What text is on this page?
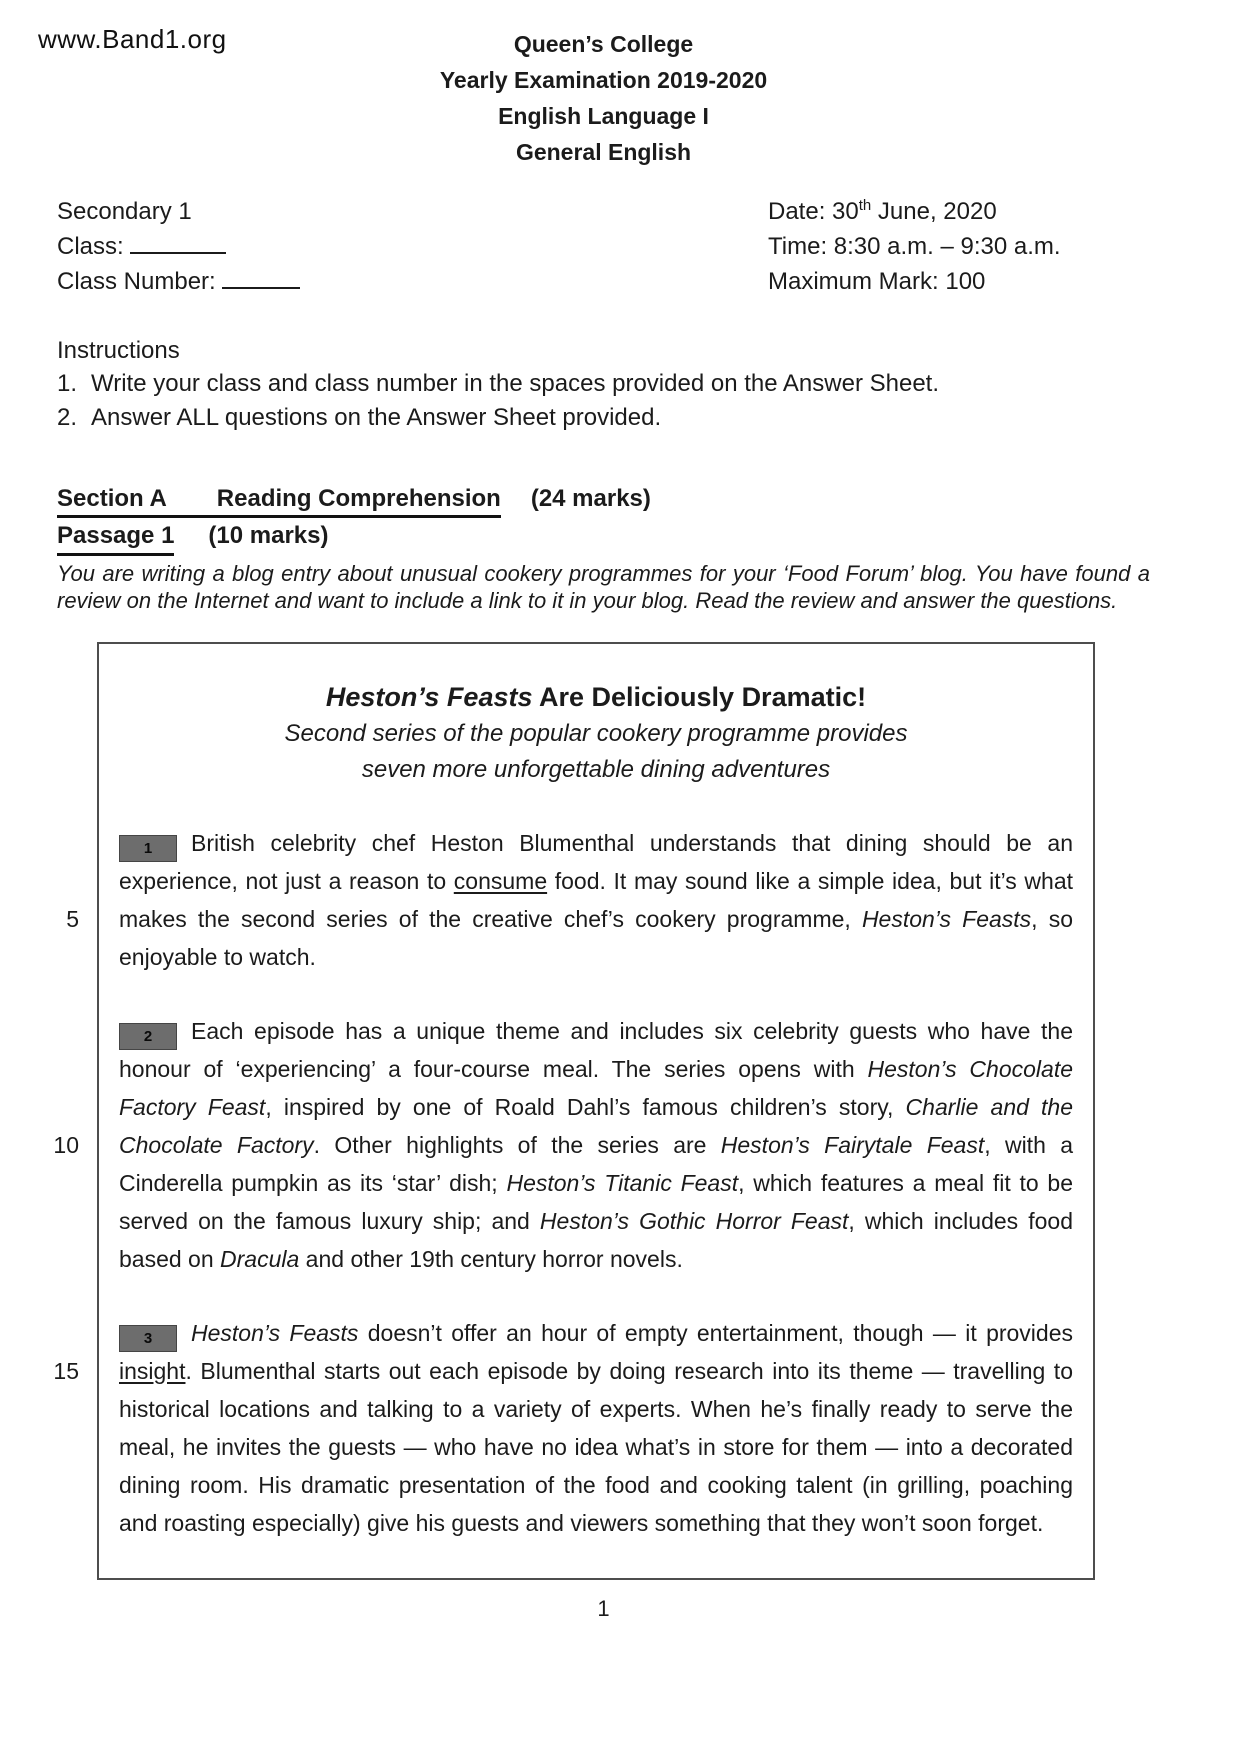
www.Band1.org	Queen’s College
Yearly Examination 2019-2020
English Language I
General English
Secondary 1
Class:
Class Number:
Date: 30th June, 2020
Time: 8:30 a.m. – 9:30 a.m.
Maximum Mark: 100
Instructions
1. Write your class and class number in the spaces provided on the Answer Sheet.
2. Answer ALL questions on the Answer Sheet provided.
Section A Reading Comprehension (24 marks)
Passage 1 (10 marks)
You are writing a blog entry about unusual cookery programmes for your ‘Food Forum’ blog. You have found a review on the Internet and want to include a link to it in your blog. Read the review and answer the questions.
Heston’s Feasts Are Deliciously Dramatic!
Second series of the popular cookery programme provides
seven more unforgettable dining adventures
5
1 British celebrity chef Heston Blumenthal understands that dining should be an experience, not just a reason to consume food. It may sound like a simple idea, but it’s what makes the second series of the creative chef’s cookery programme, Heston’s Feasts, so enjoyable to watch.
10
2 Each episode has a unique theme and includes six celebrity guests who have the honour of ‘experiencing’ a four-course meal. The series opens with Heston’s Chocolate Factory Feast, inspired by one of Roald Dahl’s famous children’s story, Charlie and the Chocolate Factory. Other highlights of the series are Heston’s Fairytale Feast, with a Cinderella pumpkin as its ‘star’ dish; Heston’s Titanic Feast, which features a meal fit to be served on the famous luxury ship; and Heston’s Gothic Horror Feast, which includes food based on Dracula and other 19th century horror novels.
15
3 Heston’s Feasts doesn’t offer an hour of empty entertainment, though — it provides insight. Blumenthal starts out each episode by doing research into its theme — travelling to historical locations and talking to a variety of experts. When he’s finally ready to serve the meal, he invites the guests — who have no idea what’s in store for them — into a decorated dining room. His dramatic presentation of the food and cooking talent (in grilling, poaching and roasting especially) give his guests and viewers something that they won’t soon forget.
1
